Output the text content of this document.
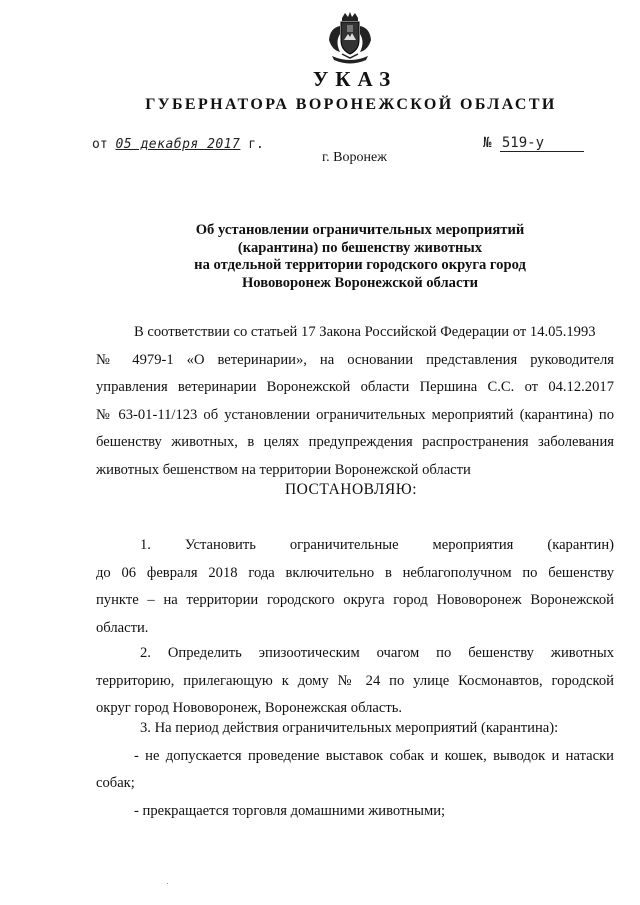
УКАЗ
ГУБЕРНАТОРА ВОРОНЕЖСКОЙ ОБЛАСТИ
от 05 декабря 2017 г.	№ 519-у
г. Воронеж
Об установлении ограничительных мероприятий
(карантина) по бешенству животных
на отдельной территории городского округа город
Нововоронеж Воронежской области
В соответствии со статьей 17 Закона Российской Федерации от 14.05.1993
№ 4979-1 «О ветеринарии», на основании представления руководителя
управления ветеринарии Воронежской области Першина С.С. от 04.12.2017
№ 63-01-11/123 об установлении ограничительных мероприятий (карантина) по
бешенству животных, в целях предупреждения распространения заболевания
животных бешенством на территории Воронежской области
ПОСТАНОВЛЯЮ:
1. Установить ограничительные мероприятия (карантин)
до 06 февраля 2018 года включительно в неблагополучном по бешенству
пункте – на территории городского округа город Нововоронеж Воронежской
области.
2. Определить эпизоотическим очагом по бешенству животных
территорию, прилегающую к дому № 24 по улице Космонавтов, городской
округ город Нововоронеж, Воронежская область.
3. На период действия ограничительных мероприятий (карантина):
- не допускается проведение выставок собак и кошек, выводок и натаски
собак;
- прекращается торговля домашними животными;
